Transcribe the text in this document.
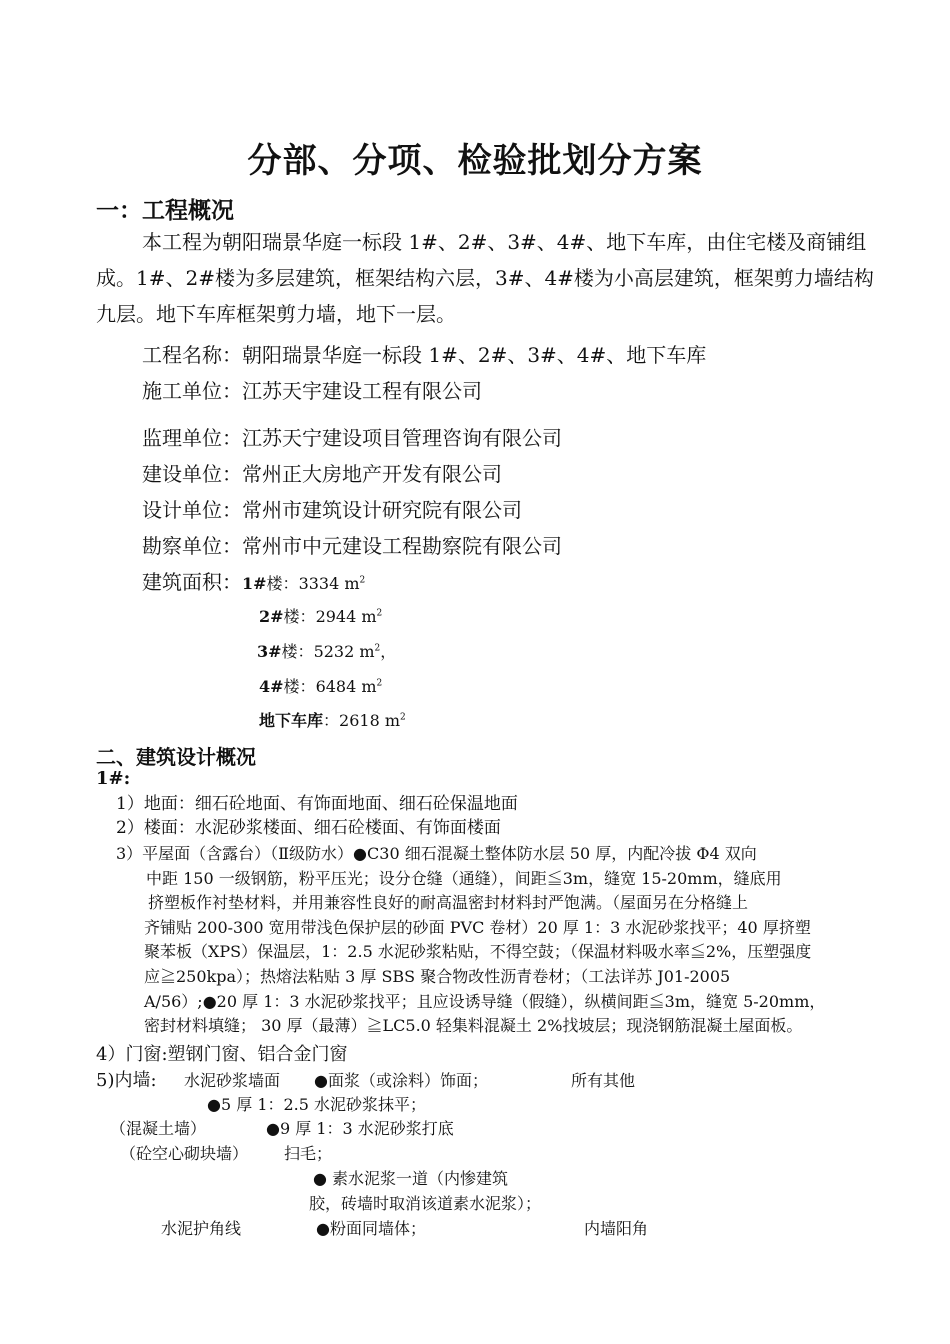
分部、分项、检验批划分方案
一：工程概况
本工程为朝阳瑞景华庭一标段 1#、2#、3#、4#、地下车库，由住宅楼及商铺组
成。1#、2#楼为多层建筑，框架结构六层，3#、4#楼为小高层建筑，框架剪力墙结构
九层。地下车库框架剪力墙，地下一层。
工程名称：朝阳瑞景华庭一标段 1#、2#、3#、4#、地下车库
施工单位：江苏天宇建设工程有限公司
监理单位：江苏天宁建设项目管理咨询有限公司
建设单位：常州正大房地产开发有限公司
设计单位：常州市建筑设计研究院有限公司
勘察单位：常州市中元建设工程勘察院有限公司
建筑面积：1#楼：3334 $m^2$
2#楼：2944 $m^2$
3#楼：5232 $m^2$，
4#楼：6484 $m^2$
地下车库：2618 $m^2$
二、建筑设计概况
1#:
1）地面：细石砼地面、有饰面地面、细石砼保温地面
2）楼面：水泥砂浆楼面、细石砼楼面、有饰面楼面
3）平屋面（含露台）（Ⅱ级防水）●C30 细石混凝土整体防水层 50 厚，内配冷拔 Φ4 双向
中距 150 一级钢筋，粉平压光；设分仓缝（通缝），间距≦3m，缝宽 15-20mm，缝底用
挤塑板作衬垫材料，并用兼容性良好的耐高温密封材料封严饱满。（屋面另在分格缝上
齐铺贴 200-300 宽用带浅色保护层的砂面 PVC 卷材）20 厚 1：3 水泥砂浆找平；40 厚挤塑
聚苯板（XPS）保温层，1：2.5 水泥砂浆粘贴，不得空鼓；（保温材料吸水率≦2%，压塑强度
应≧250kpa）；热熔法粘贴 3 厚 SBS 聚合物改性沥青卷材；（工法详苏 J01-2005
A/56）;●20 厚 1：3 水泥砂浆找平；且应设诱导缝（假缝），纵横间距≦3m，缝宽 5-20mm，
密封材料填缝； 30 厚（最薄）≧LC5.0 轻集料混凝土 2%找坡层；现浇钢筋混凝土屋面板。
4）门窗:塑钢门窗、铝合金门窗
5)内墙: 水泥砂浆墙面 ●面浆（或涂料）饰面；	所有其他
●5 厚 1：2.5 水泥砂浆抹平；
（混凝土墙）	●9 厚 1：3 水泥砂浆打底
（砼空心砌块墙） 扫毛；
● 素水泥浆一道（内惨建筑
胶，砖墙时取消该道素水泥浆）；
水泥护角线	●粉面同墙体；	内墙阳角
